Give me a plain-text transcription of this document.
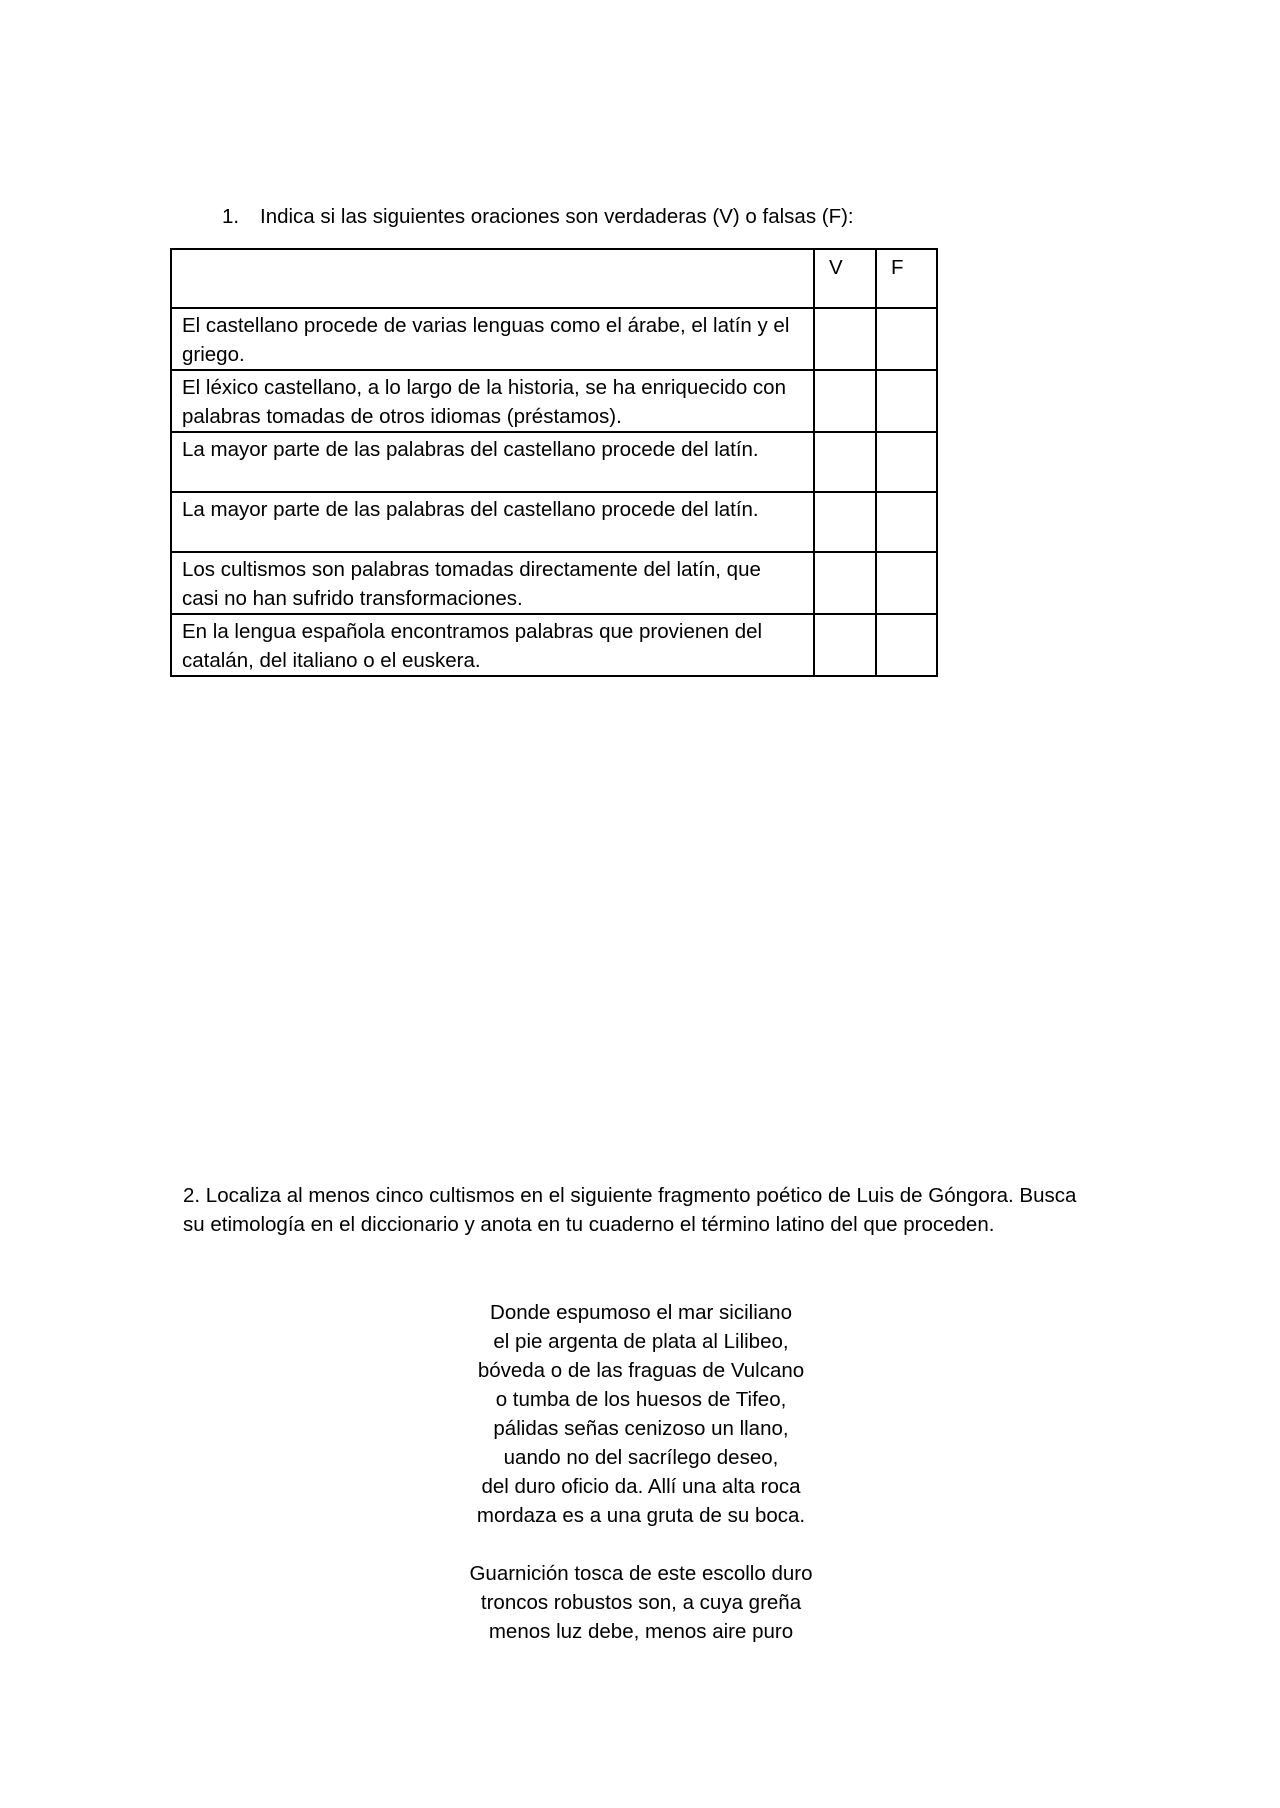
1. Indica si las siguientes oraciones son verdaderas (V) o falsas (F):
	V	F
El castellano procede de varias lenguas como el árabe, el latín y el griego.		
El léxico castellano, a lo largo de la historia, se ha enriquecido con palabras tomadas de otros idiomas (préstamos).		
La mayor parte de las palabras del castellano procede del latín.		
La mayor parte de las palabras del castellano procede del latín.		
Los cultismos son palabras tomadas directamente del latín, que casi no han sufrido transformaciones.		
En la lengua española encontramos palabras que provienen del catalán, del italiano o el euskera.		
2. Localiza al menos cinco cultismos en el siguiente fragmento poético de Luis de Góngora. Busca su etimología en el diccionario y anota en tu cuaderno el término latino del que proceden.
Donde espumoso el mar siciliano
el pie argenta de plata al Lilibeo,
bóveda o de las fraguas de Vulcano
o tumba de los huesos de Tifeo,
pálidas señas cenizoso un llano,
uando no del sacrílego deseo,
del duro oficio da. Allí una alta roca
mordaza es a una gruta de su boca.
Guarnición tosca de este escollo duro
troncos robustos son, a cuya greña
menos luz debe, menos aire puro
